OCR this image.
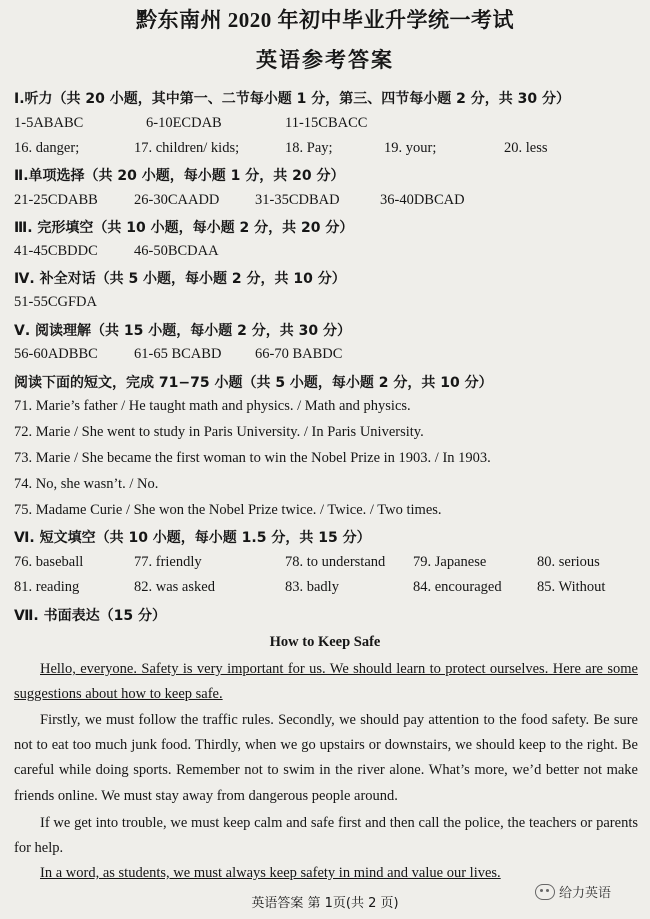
黔东南州 2020 年初中毕业升学统一考试
英语参考答案
Ⅰ.听力（共 20 小题，其中第一、二节每小题 1 分，第三、四节每小题 2 分，共 30 分）
1-5ABABC	6-10ECDAB	11-15CBACC
16. danger;	17. children/ kids;	18. Pay;	19. your;	20. less
Ⅱ.单项选择（共 20 小题，每小题 1 分，共 20 分）
21-25CDABB 26-30CAADD 31-35CDBAD	36-40DBCAD
Ⅲ. 完形填空（共 10 小题，每小题 2 分，共 20 分）
41-45CBDDC 46-50BCDAA
Ⅳ. 补全对话（共 5 小题，每小题 2 分，共 10 分）
51-55CGFDA
Ⅴ. 阅读理解（共 15 小题，每小题 2 分，共 30 分）
56-60ADBBC 61-65 BCABD 66-70 BABDC
阅读下面的短文，完成 71−75 小题（共 5 小题，每小题 2 分，共 10 分）
71. Marie’s father / He taught math and physics. / Math and physics.
72. Marie / She went to study in Paris University. / In Paris University.
73. Marie / She became the first woman to win the Nobel Prize in 1903. / In 1903.
74. No, she wasn’t. / No.
75. Madame Curie / She won the Nobel Prize twice. / Twice. / Two times.
Ⅵ. 短文填空（共 10 小题，每小题 1.5 分，共 15 分）
76. baseball	77. friendly	78. to understand 79. Japanese	80. serious
81. reading	82. was asked	83. badly	84. encouraged 85. Without
Ⅶ. 书面表达（15 分）
How to Keep Safe
Hello, everyone. Safety is very important for us. We should learn to protect ourselves. Here are some suggestions about how to keep safe.
Firstly, we must follow the traffic rules. Secondly, we should pay attention to the food safety. Be sure not to eat too much junk food. Thirdly, when we go upstairs or downstairs, we should keep to the right. Be careful while doing sports. Remember not to swim in the river alone. What’s more, we’d better not make friends online. We must stay away from dangerous people around.
If we get into trouble, we must keep calm and safe first and then call the police, the teachers or parents for help.
In a word, as students, we must always keep safety in mind and value our lives.
英语答案 第 1页(共 2 页)
给力英语
